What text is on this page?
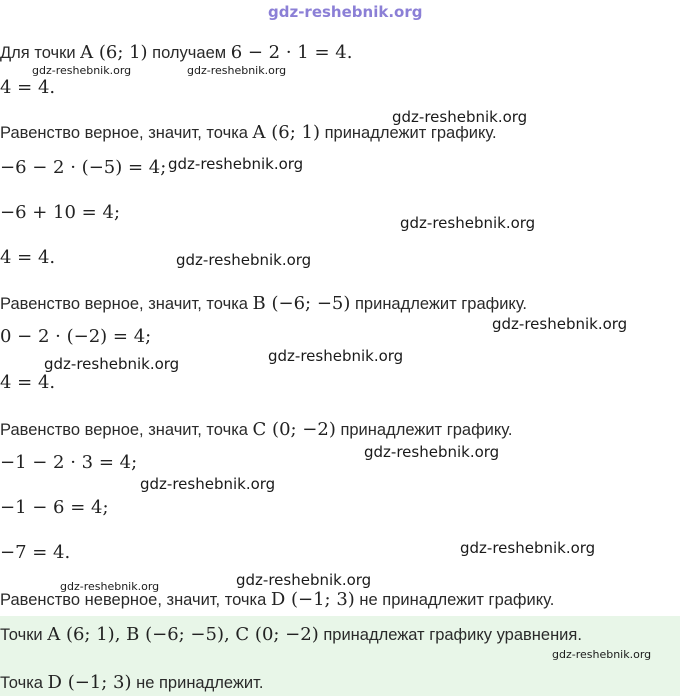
gdz-reshebnik.org
gdz-reshebnik.org	gdz-reshebnik.org
gdz-reshebnik.org
gdz-reshebnik.org
gdz-reshebnik.org
gdz-reshebnik.org
gdz-reshebnik.org
gdz-reshebnik.org
gdz-reshebnik.org
gdz-reshebnik.org
gdz-reshebnik.org
gdz-reshebnik.org
gdz-reshebnik.org
gdz-reshebnik.org
gdz-reshebnik.org
Для точки A (6; 1) получаем 6 − 2 · 1 = 4.
4 = 4.
Равенство верное, значит, точка A (6; 1) принадлежит графику.
−6 − 2 · (−5) = 4;
−6 + 10 = 4;
4 = 4.
Равенство верное, значит, точка B (−6; −5) принадлежит графику.
0 − 2 · (−2) = 4;
4 = 4.
Равенство верное, значит, точка C (0; −2) принадлежит графику.
−1 − 2 · 3 = 4;
−1 − 6 = 4;
−7 = 4.
Равенство неверное, значит, точка D (−1; 3) не принадлежит графику.
Точки A (6; 1), B (−6; −5), C (0; −2) принадлежат графику уравнения.
Точка D (−1; 3) не принадлежит.
